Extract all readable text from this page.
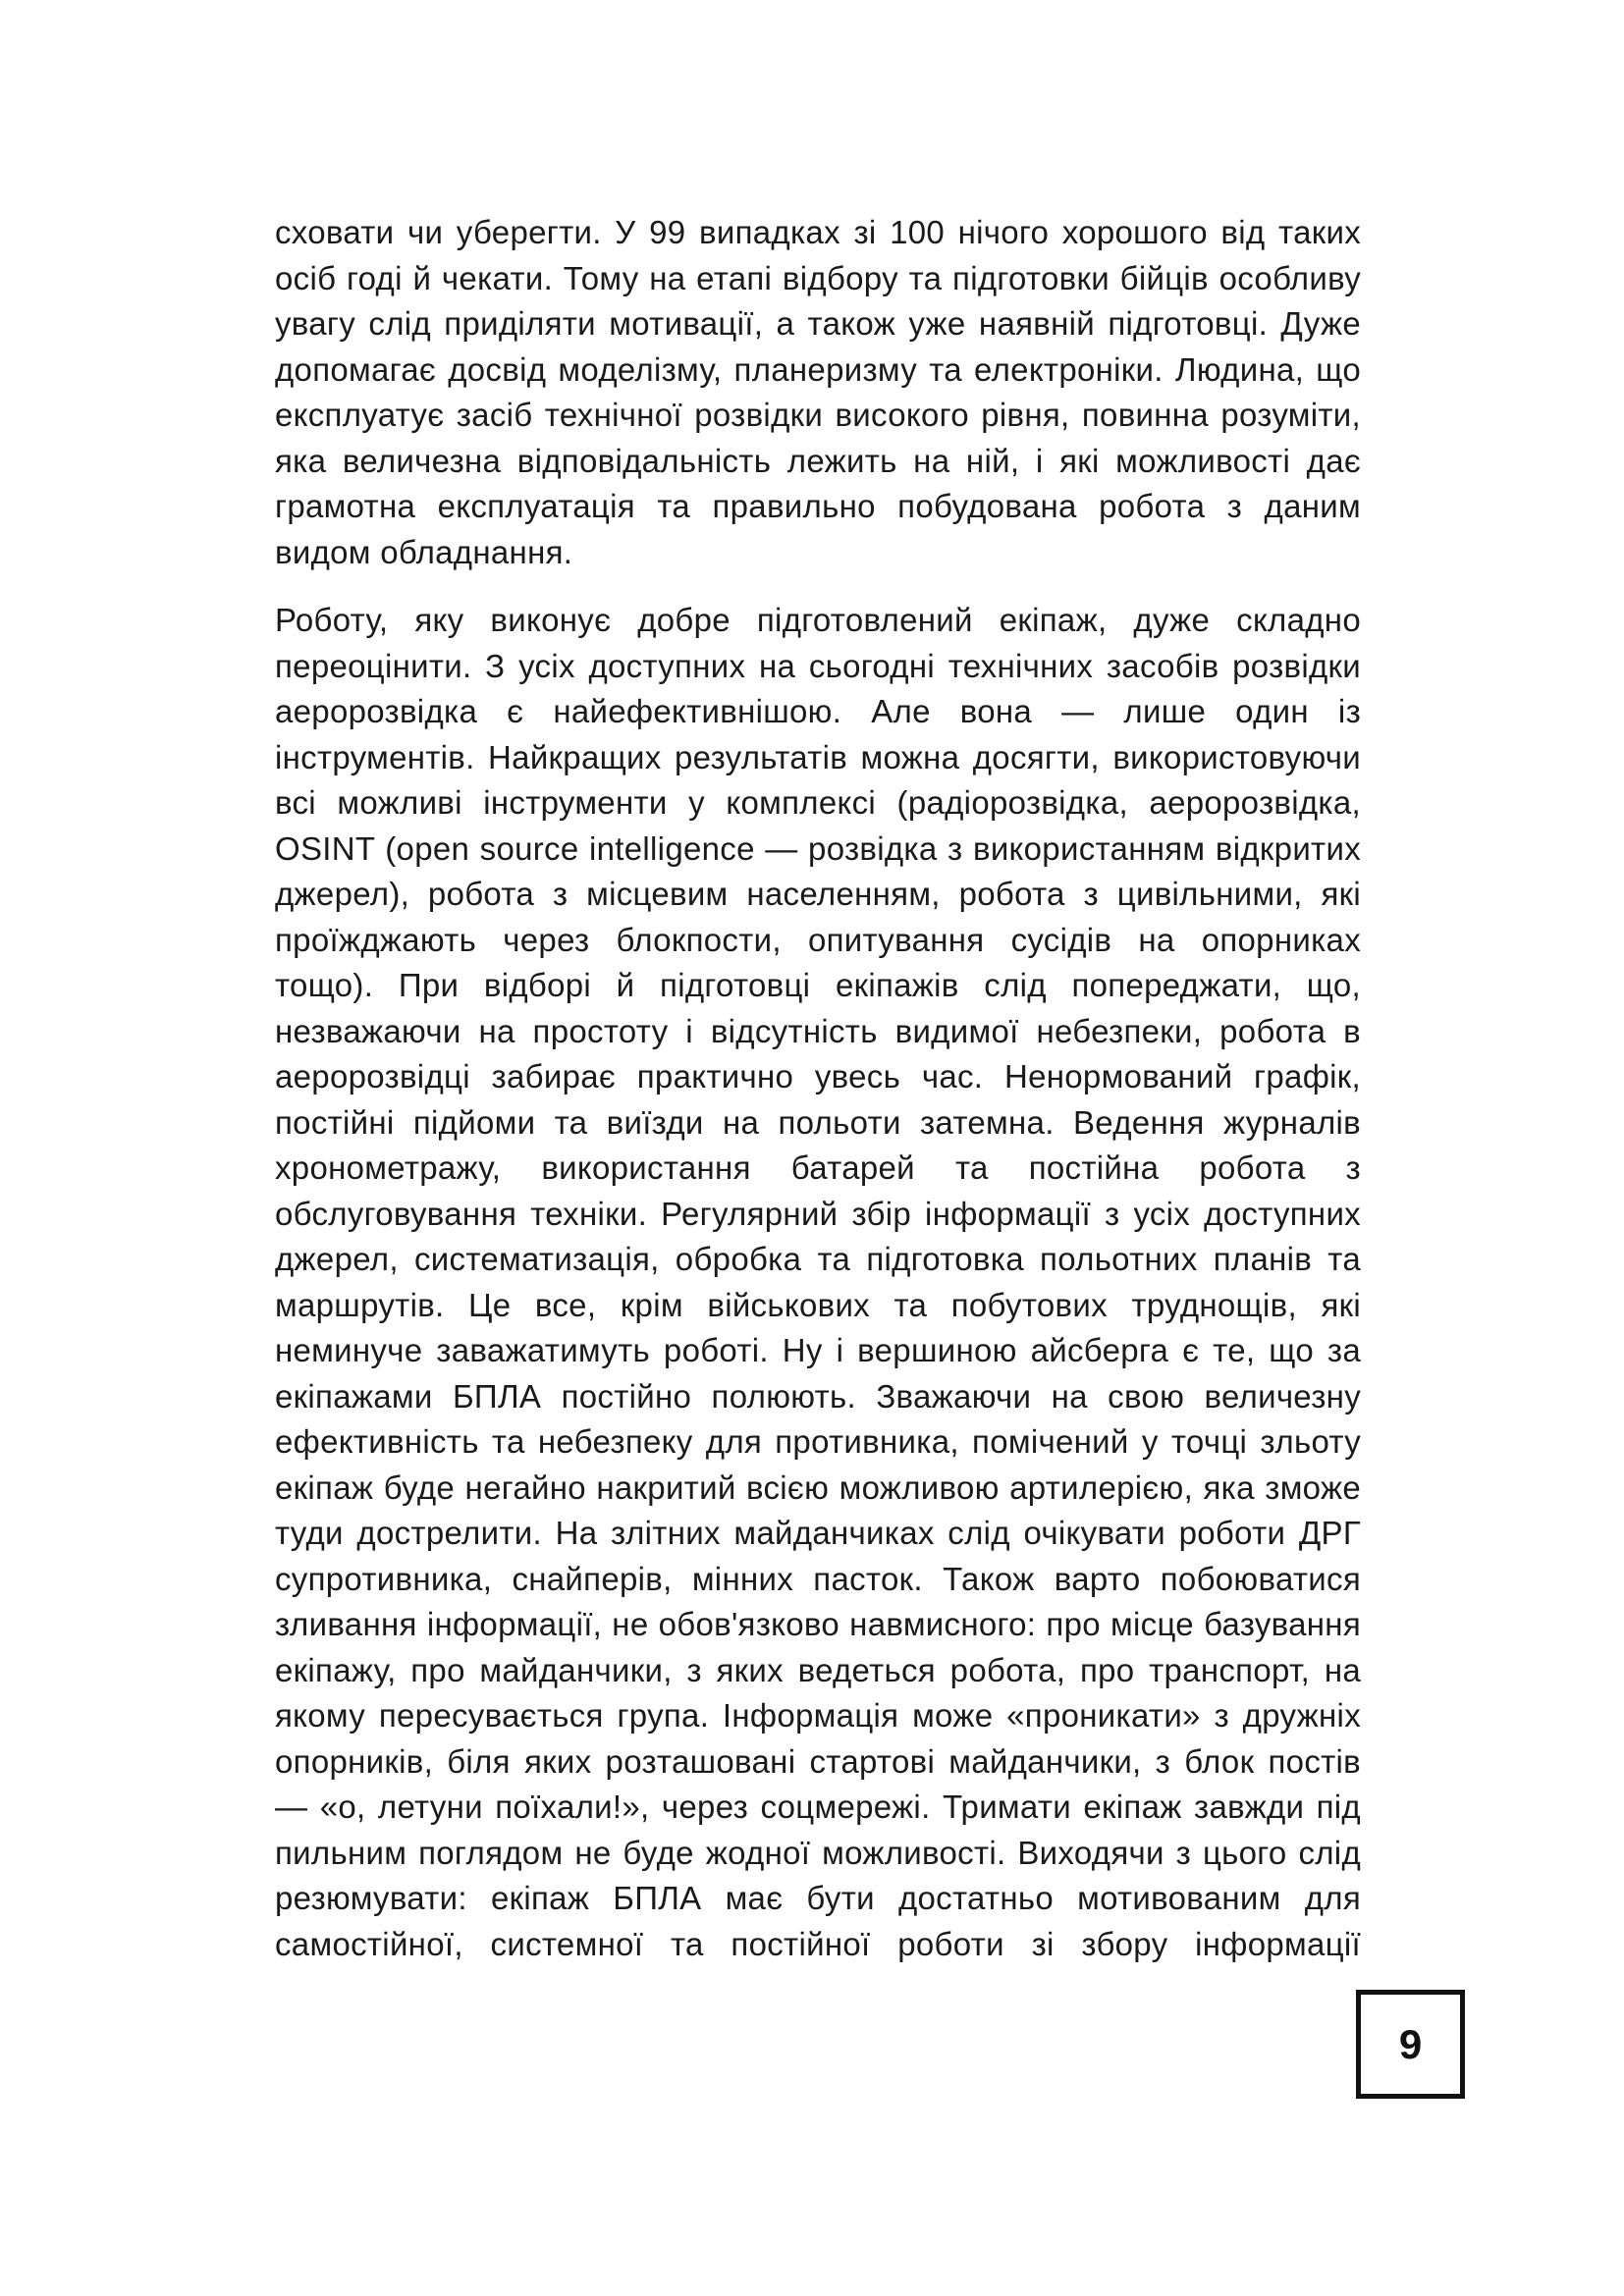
сховати чи уберегти. У 99 випадках зі 100 нічого хорошого від таких осіб годі й чекати. Тому на етапі відбору та підготовки бійців особливу увагу слід приділяти мотивації, а також уже наявній підготовці. Дуже допомагає досвід моделізму, планеризму та електроніки. Людина, що експлуатує засіб технічної розвідки високого рівня, повинна розуміти, яка величезна відповідальність лежить на ній, і які можливості дає грамотна експлуатація та правильно побудована робота з даним видом обладнання.

Роботу, яку виконує добре підготовлений екіпаж, дуже складно переоцінити. З усіх доступних на сьогодні технічних засобів розвідки аеророзвідка є найефективнішою. Але вона — лише один із інструментів. Найкращих результатів можна досягти, використовуючи всі можливі інструменти у комплексі (радіорозвідка, аеророзвідка, OSINT (open source intelligence — розвідка з використанням відкритих джерел), робота з місцевим населенням, робота з цивільними, які проїжджають через блокпости, опитування сусідів на опорниках тощо). При відборі й підготовці екіпажів слід попереджати, що, незважаючи на простоту і відсутність видимої небезпеки, робота в аеророзвідці забирає практично увесь час. Ненормований графік, постійні підйоми та виїзди на польоти затемна. Ведення журналів хронометражу, використання батарей та постійна робота з обслуговування техніки. Регулярний збір інформації з усіх доступних джерел, систематизація, обробка та підготовка польотних планів та маршрутів. Це все, крім військових та побутових труднощів, які неминуче заважатимуть роботі. Ну і вершиною айсберга є те, що за екіпажами БПЛА постійно полюють. Зважаючи на свою величезну ефективність та небезпеку для противника, помічений у точці зльоту екіпаж буде негайно накритий всією можливою артилерією, яка зможе туди дострелити. На злітних майданчиках слід очікувати роботи ДРГ супротивника, снайперів, мінних пасток. Також варто побоюватися зливання інформації, не обов'язково навмисного: про місце базування екіпажу, про майданчики, з яких ведеться робота, про транспорт, на якому пересувається група. Інформація може «проникати» з дружніх опорників, біля яких розташовані стартові майданчики, з блок постів — «о, летуни поїхали!», через соцмережі. Тримати екіпаж завжди під пильним поглядом не буде жодної можливості. Виходячи з цього слід резюмувати: екіпаж БПЛА має бути достатньо мотивованим для самостійної, системної та постійної роботи зі збору інформації

9
